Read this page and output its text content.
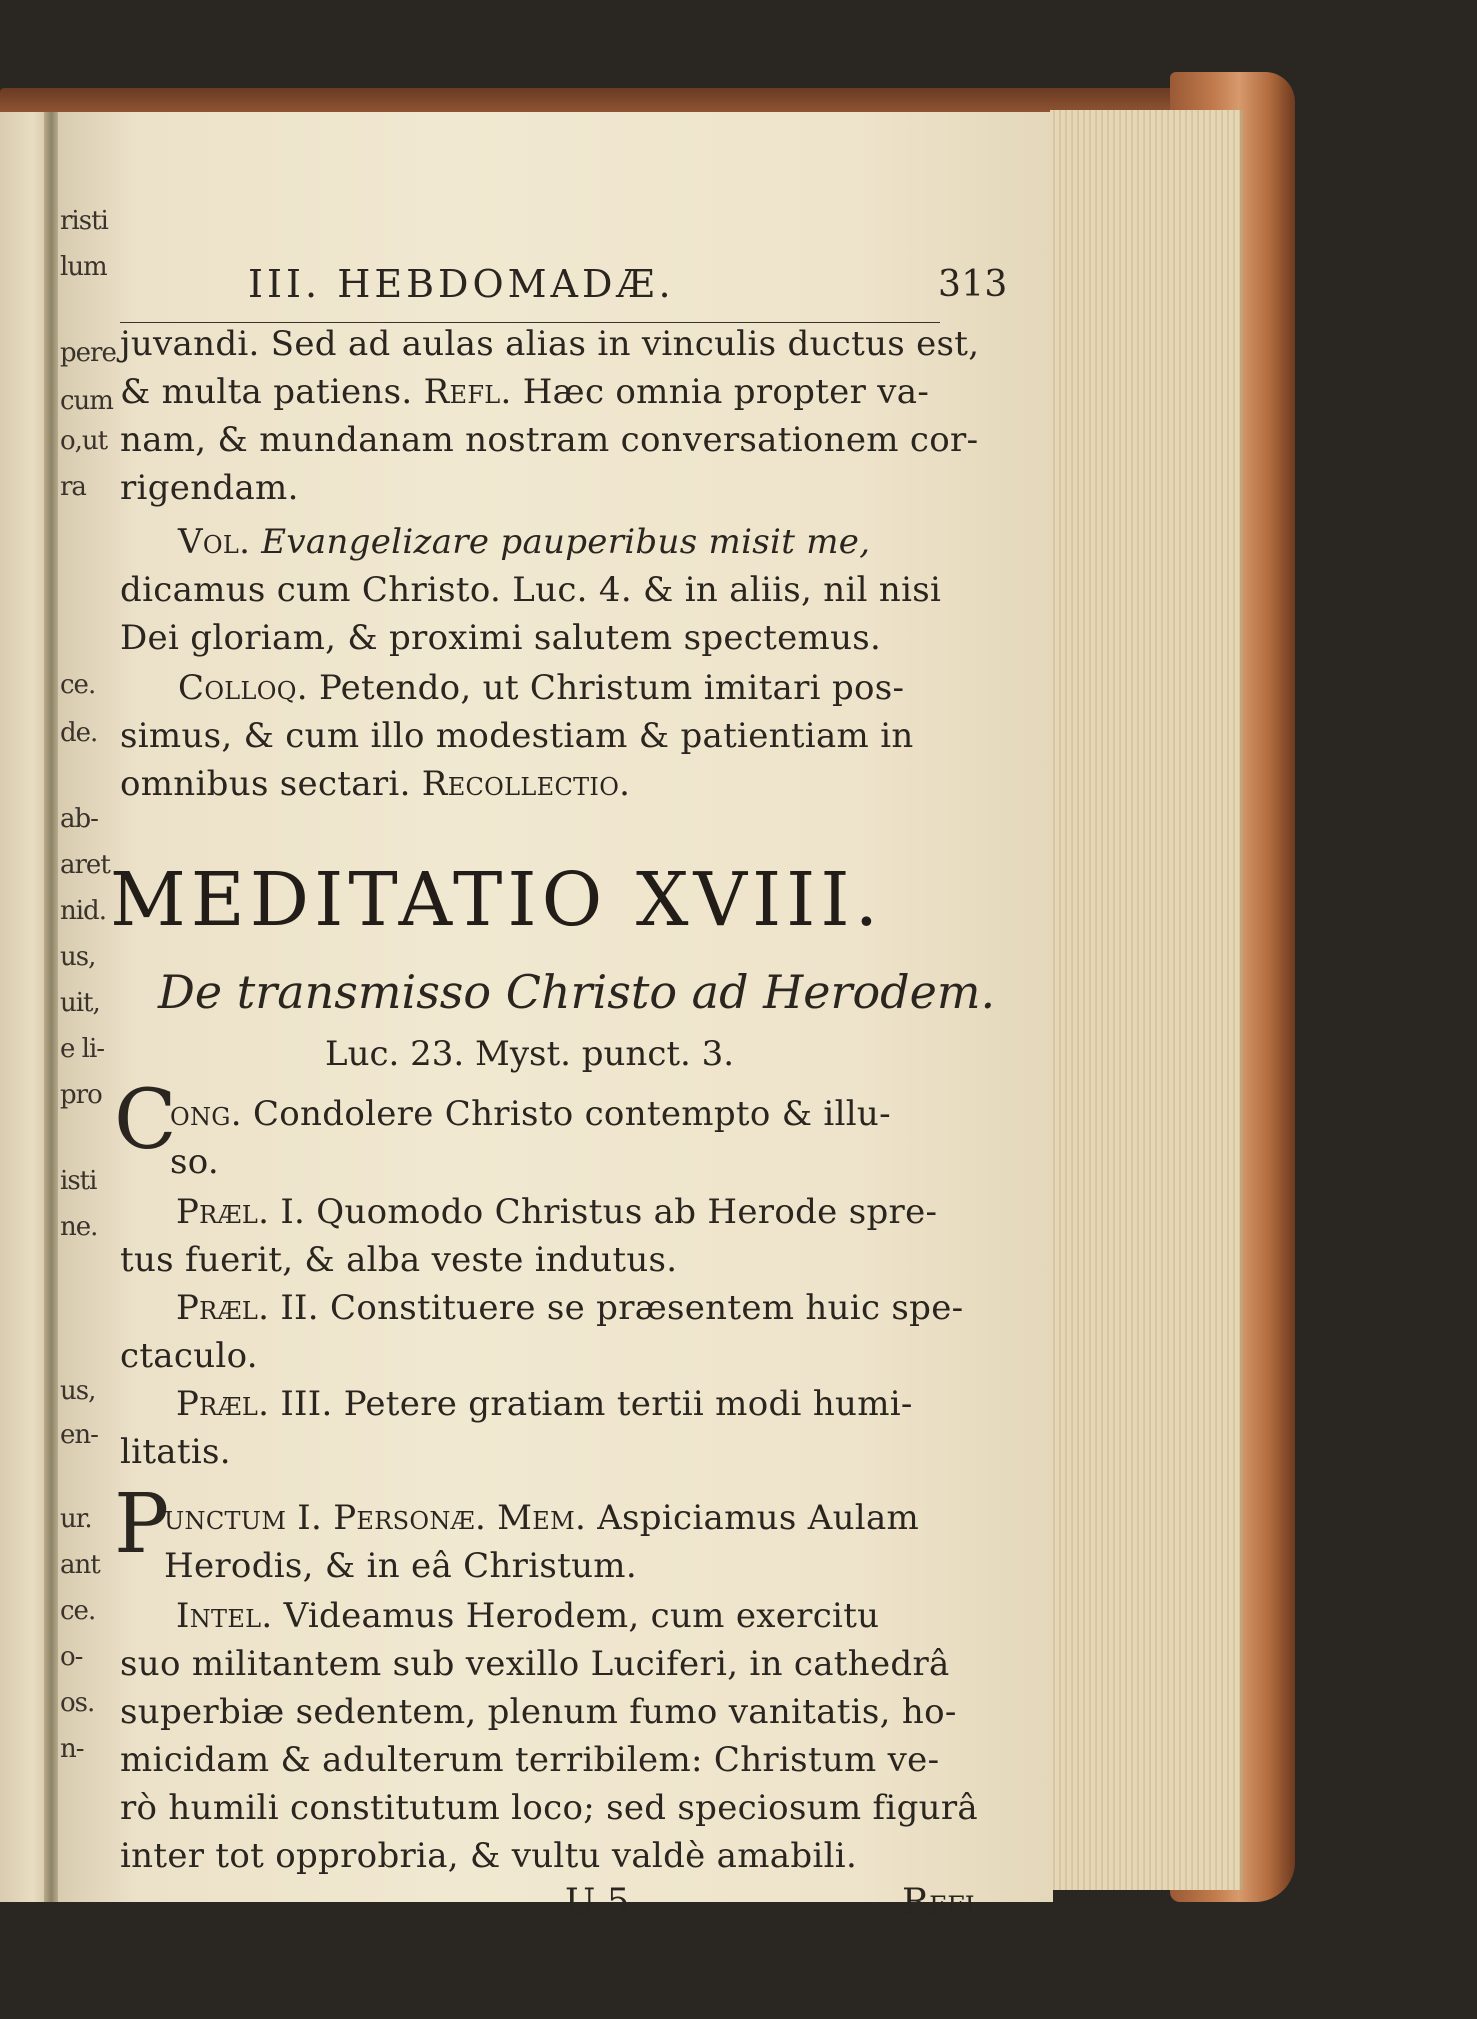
risti
lum
pere
cum
o,ut
ra
ce.
de.
ab-
aret
nid.
us,
uit,
e li-
pro
isti
ne.
us,
en-
ur.
ant
ce.
o-
os.
n-
III. HEBDOMADÆ.	313
juvandi. Sed ad aulas alias in vinculis ductus est,
& multa patiens. Refl. Hæc omnia propter va-
nam, & mundanam nostram conversationem cor-
rigendam.
Vol. Evangelizare pauperibus misit me,
dicamus cum Christo. Luc. 4. & in aliis, nil nisi
Dei gloriam, & proximi salutem spectemus.
Colloq. Petendo, ut Christum imitari pos-
simus, & cum illo modestiam & patientiam in
omnibus sectari. Recollectio.
MEDITATIO XVIII.
De transmisso Christo ad Herodem.
Luc. 23. Myst. punct. 3.
C
ong. Condolere Christo contempto & illu-
so.
Præl. I. Quomodo Christus ab Herode spre-
tus fuerit, & alba veste indutus.
Præl. II. Constituere se præsentem huic spe-
ctaculo.
Præl. III. Petere gratiam tertii modi humi-
litatis.
P
unctum I. Personæ. Mem. Aspiciamus Aulam
Herodis, & in eâ Christum.
Intel. Videamus Herodem, cum exercitu
suo militantem sub vexillo Luciferi, in cathedrâ
superbiæ sedentem, plenum fumo vanitatis, ho-
micidam & adulterum terribilem: Christum ve-
rò humili constitutum loco; sed speciosum figurâ
inter tot opprobria, & vultu valdè amabili.
U 5	Refl.
